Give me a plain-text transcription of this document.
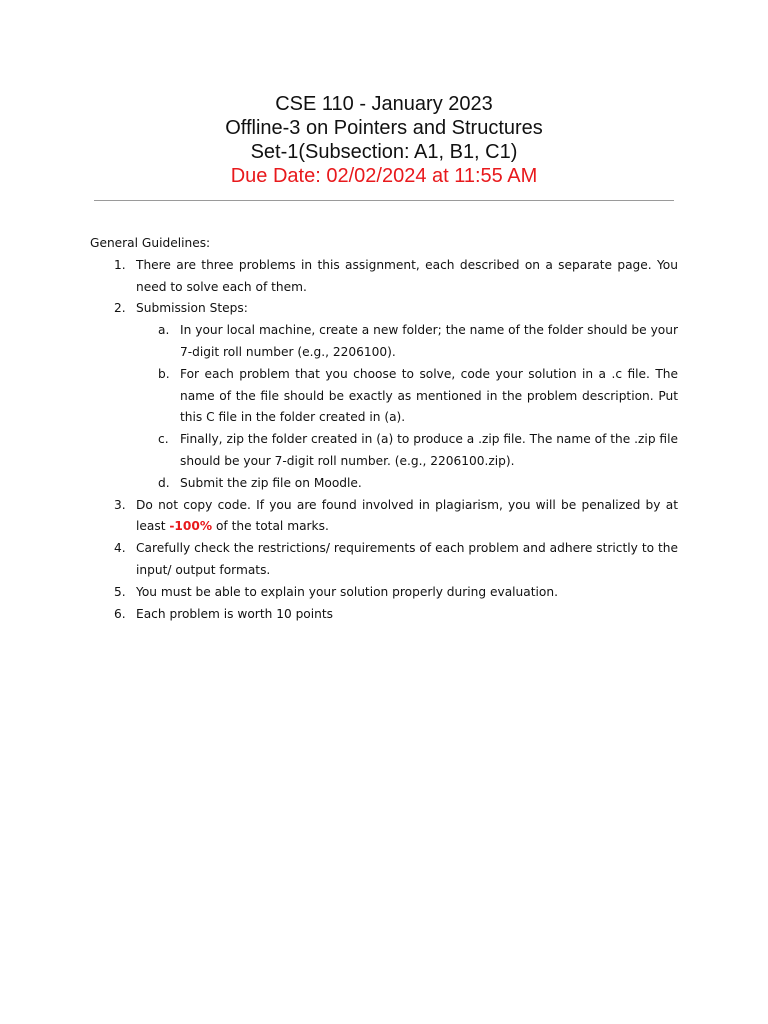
CSE 110 - January 2023
Offline-3 on Pointers and Structures
Set-1(Subsection: A1, B1, C1)
Due Date: 02/02/2024 at 11:55 AM
General Guidelines:
1. There are three problems in this assignment, each described on a separate page. You need to solve each of them.
2. Submission Steps:
a. In your local machine, create a new folder; the name of the folder should be your 7-digit roll number (e.g., 2206100).
b. For each problem that you choose to solve, code your solution in a .c file. The name of the file should be exactly as mentioned in the problem description. Put this C file in the folder created in (a).
c. Finally, zip the folder created in (a) to produce a .zip file. The name of the .zip file should be your 7-digit roll number. (e.g., 2206100.zip).
d. Submit the zip file on Moodle.
3. Do not copy code. If you are found involved in plagiarism, you will be penalized by at least -100% of the total marks.
4. Carefully check the restrictions/ requirements of each problem and adhere strictly to the input/ output formats.
5. You must be able to explain your solution properly during evaluation.
6. Each problem is worth 10 points
